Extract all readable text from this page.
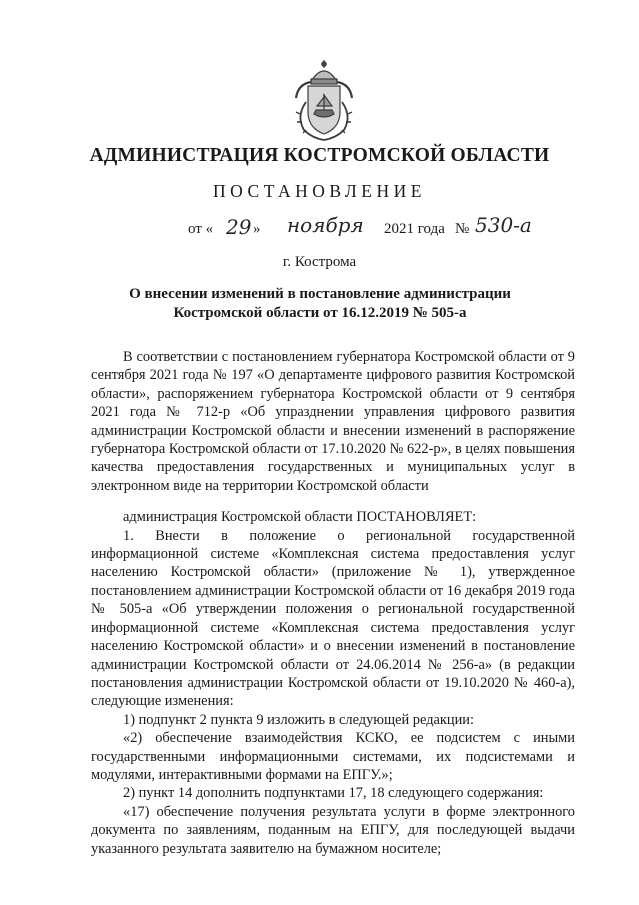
АДМИНИСТРАЦИЯ КОСТРОМСКОЙ ОБЛАСТИ
ПОСТАНОВЛЕНИЕ
от « 29 » ноября 2021 года № 530-а
г. Кострома
О внесении изменений в постановление администрации
Костромской области от 16.12.2019 № 505-а

В соответствии с постановлением губернатора Костромской области от 9 сентября 2021 года № 197 «О департаменте цифрового развития Костромской области», распоряжением губернатора Костромской области от 9 сентября 2021 года № 712-р «Об упразднении управления цифрового развития администрации Костромской области и внесении изменений в распоряжение губернатора Костромской области от 17.10.2020 № 622-р», в целях повышения качества предоставления государственных и муниципальных услуг в электронном виде на территории Костромской области

администрация Костромской области ПОСТАНОВЛЯЕТ:

1. Внести в положение о региональной государственной информационной системе «Комплексная система предоставления услуг населению Костромской области» (приложение № 1), утвержденное постановлением администрации Костромской области от 16 декабря 2019 года № 505-а «Об утверждении положения о региональной государственной информационной системе «Комплексная система предоставления услуг населению Костромской области» и о внесении изменений в постановление администрации Костромской области от 24.06.2014 № 256-а» (в редакции постановления администрации Костромской области от 19.10.2020 № 460-а), следующие изменения:

1) подпункт 2 пункта 9 изложить в следующей редакции:

«2) обеспечение взаимодействия КСКО, ее подсистем с иными государственными информационными системами, их подсистемами и модулями, интерактивными формами на ЕПГУ.»;

2) пункт 14 дополнить подпунктами 17, 18 следующего содержания:

«17) обеспечение получения результата услуги в форме электронного документа по заявлениям, поданным на ЕПГУ, для последующей выдачи указанного результата заявителю на бумажном носителе;
